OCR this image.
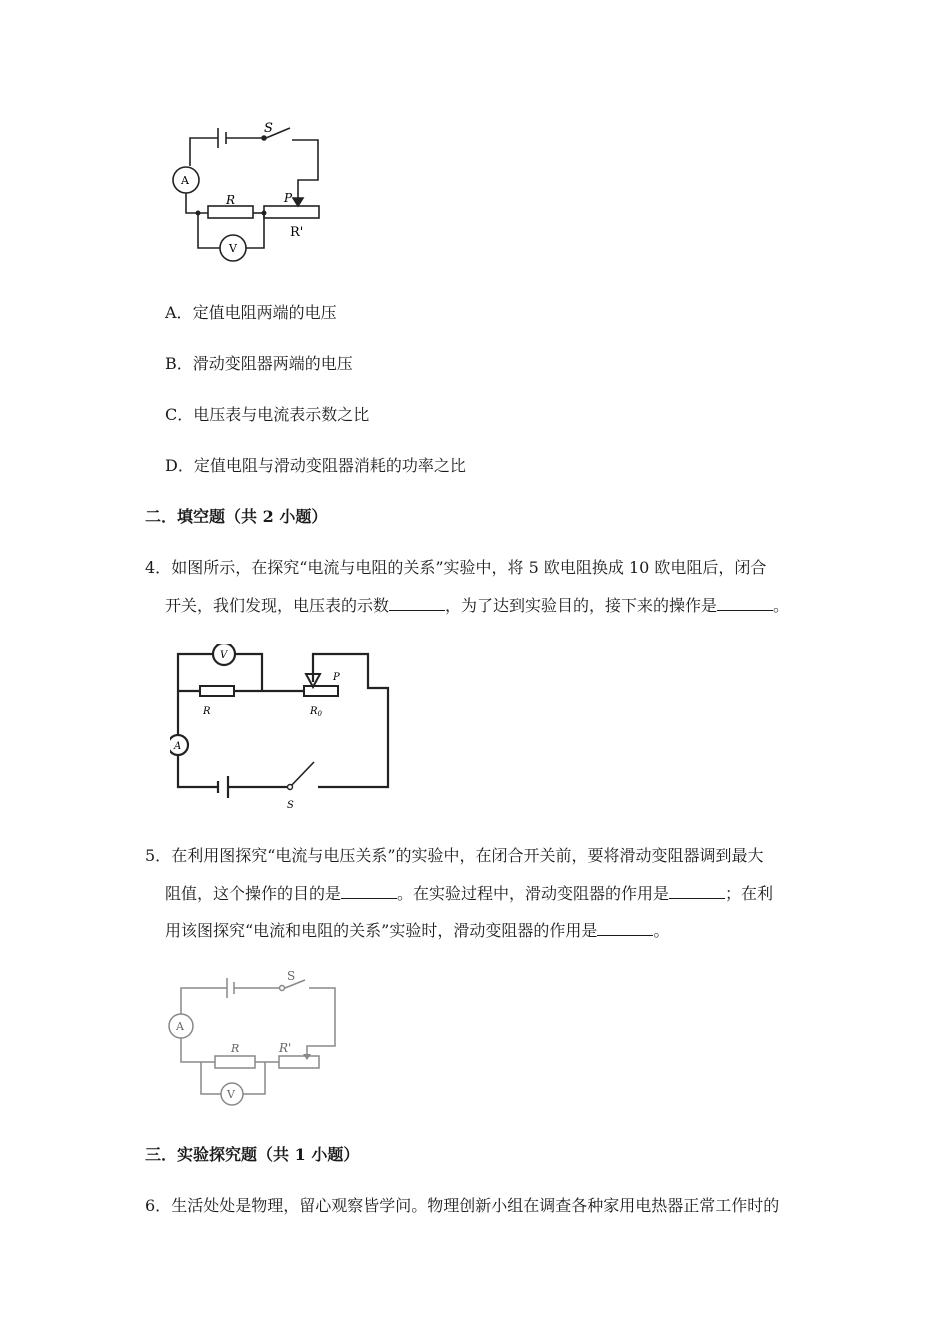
S
A
R	P
R'
V
A．定值电阻两端的电压
B．滑动变阻器两端的电压
C．电压表与电流表示数之比
D．定值电阻与滑动变阻器消耗的功率之比
二．填空题（共 2 小题）
4．如图所示，在探究“电流与电阻的关系”实验中，将 5 欧电阻换成 10 欧电阻后，闭合
开关，我们发现，电压表的示数	，为了达到实验目的，接下来的操作是	。
V
R	$R_0$
P
A
S
5．在利用图探究“电流与电压关系”的实验中，在闭合开关前，要将滑动变阻器调到最大
阻值，这个操作的目的是	。在实验过程中，滑动变阻器的作用是	；在利
用该图探究“电流和电阻的关系”实验时，滑动变阻器的作用是	。
S
A
R	R'
V
三．实验探究题（共 1 小题）
6．生活处处是物理，留心观察皆学问。物理创新小组在调查各种家用电热器正常工作时的
